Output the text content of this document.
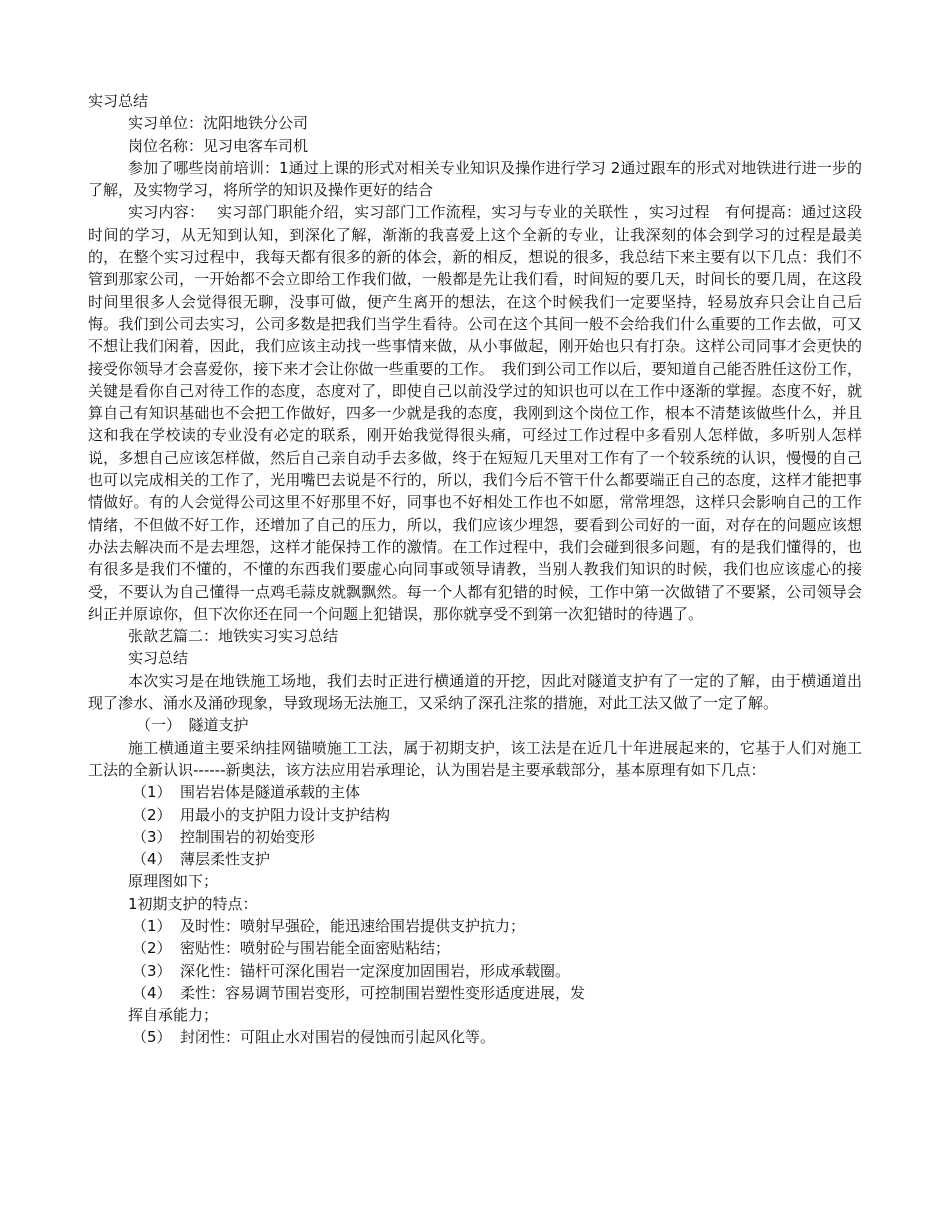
实习总结

实习单位：沈阳地铁分公司

岗位名称：见习电客车司机

参加了哪些岗前培训：1通过上课的形式对相关专业知识及操作进行学习 2通过跟车的形式对地铁进行进一步的了解，及实物学习，将所学的知识及操作更好的结合

实习内容：　 实习部门职能介绍，实习部门工作流程，实习与专业的关联性 ，实习过程　有何提高：通过这段时间的学习，从无知到认知，到深化了解，渐渐的我喜爱上这个全新的专业，让我深刻的体会到学习的过程是最美的，在整个实习过程中，我每天都有很多的新的体会，新的相反，想说的很多，我总结下来主要有以下几点：我们不管到那家公司，一开始都不会立即给工作我们做，一般都是先让我们看，时间短的要几天，时间长的要几周，在这段时间里很多人会觉得很无聊，没事可做，便产生离开的想法，在这个时候我们一定要坚持，轻易放弃只会让自己后悔。我们到公司去实习，公司多数是把我们当学生看待。公司在这个其间一般不会给我们什么重要的工作去做，可又不想让我们闲着，因此，我们应该主动找一些事情来做，从小事做起，刚开始也只有打杂。这样公司同事才会更快的接受你领导才会喜爱你，接下来才会让你做一些重要的工作。　我们到公司工作以后，要知道自己能否胜任这份工作，关键是看你自己对待工作的态度，态度对了，即使自己以前没学过的知识也可以在工作中逐渐的掌握。态度不好，就算自己有知识基础也不会把工作做好，四多一少就是我的态度，我刚到这个岗位工作，根本不清楚该做些什么，并且这和我在学校读的专业没有必定的联系，刚开始我觉得很头痛，可经过工作过程中多看别人怎样做，多听别人怎样说，多想自己应该怎样做，然后自己亲自动手去多做，终于在短短几天里对工作有了一个较系统的认识，慢慢的自己也可以完成相关的工作了，光用嘴巴去说是不行的，所以，我们今后不管干什么都要端正自己的态度，这样才能把事情做好。有的人会觉得公司这里不好那里不好，同事也不好相处工作也不如愿，常常埋怨，这样只会影响自己的工作情绪，不但做不好工作，还增加了自己的压力，所以，我们应该少埋怨，要看到公司好的一面，对存在的问题应该想办法去解决而不是去埋怨，这样才能保持工作的激情。在工作过程中，我们会碰到很多问题，有的是我们懂得的，也有很多是我们不懂的，不懂的东西我们要虚心向同事或领导请教，当别人教我们知识的时候，我们也应该虚心的接受，不要认为自己懂得一点鸡毛蒜皮就飘飘然。每一个人都有犯错的时候，工作中第一次做错了不要紧，公司领导会纠正并原谅你，但下次你还在同一个问题上犯错误，那你就享受不到第一次犯错时的待遇了。

张歆艺篇二：地铁实习实习总结

实习总结

本次实习是在地铁施工场地，我们去时正进行横通道的开挖，因此对隧道支护有了一定的了解，由于横通道出现了渗水、涌水及涌砂现象，导致现场无法施工，又采纳了深孔注浆的措施，对此工法又做了一定了解。

（一）　隧道支护

施工横通道主要采纳挂网锚喷施工工法，属于初期支护，该工法是在近几十年进展起来的，它基于人们对施工工法的全新认识------新奥法，该方法应用岩承理论，认为围岩是主要承载部分，基本原理有如下几点：

（1） 围岩岩体是隧道承载的主体

（2） 用最小的支护阻力设计支护结构

（3） 控制围岩的初始变形

（4） 薄层柔性支护

原理图如下；

1初期支护的特点：

（1） 及时性：喷射早强砼，能迅速给围岩提供支护抗力；

（2） 密贴性：喷射砼与围岩能全面密贴粘结；

（3） 深化性：锚杆可深化围岩一定深度加固围岩，形成承载圈。

（4） 柔性：容易调节围岩变形，可控制围岩塑性变形适度进展，发

挥自承能力；

（5） 封闭性：可阻止水对围岩的侵蚀而引起风化等。
